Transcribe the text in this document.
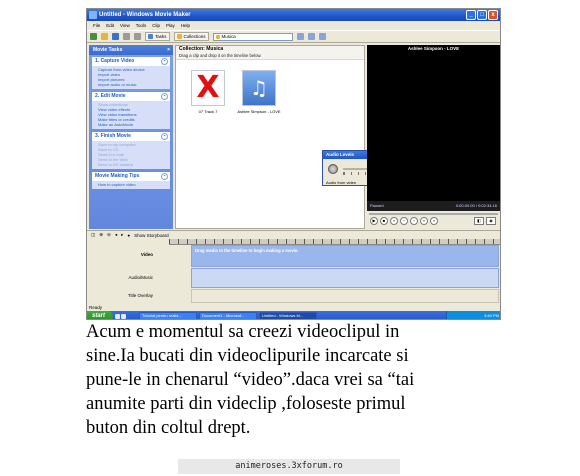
Untitled - Windows Movie Maker	_	□	x
File Edit View Tools Clip Play Help
Tasks	Collections	Musica
Movie Tasks	×
1. Capture Video	⌃
Capture from video device
Import video
Import pictures
Import audio or music
2. Edit Movie	⌃
Show collections
View video effects
View video transitions
Make titles or credits
Make an AutoMovie
3. Finish Movie	⌃
Save to my computer
Save to CD
Send in e-mail
Send to the Web
Send to DV camera
Movie Making Tips	⌃
How to capture video
Collection: Musica
Drag a clip and drop it on the timeline below.
X
07 Track 7
♫
Ashlee Simpson - LOVE
Audio Levels
Audio from video
Ashlee Simpson - LOVE
Paused	0:00:00.00 / 0:02:34.16
▶	■	«	‹	›	»	»	◧	◉
◫ ⊕ ⊖ ◂ ▸ ● Show Storyboard
Video
Drag media to the timeline to begin making a movie.
Audio/Music
Title Overlay
Ready
start	Tutorial pentru realiz...	Document1 - Microsof...	Untitled - Windows M...	3:40 PM

Acum e momentul sa creezi videoclipul in

sine.Ia bucati din videoclipurile incarcate si

pune-le in chenarul “video”.daca vrei sa “tai

anumite parti din videclip ,foloseste primul

buton din coltul drept.

animeroses.3xforum.ro
